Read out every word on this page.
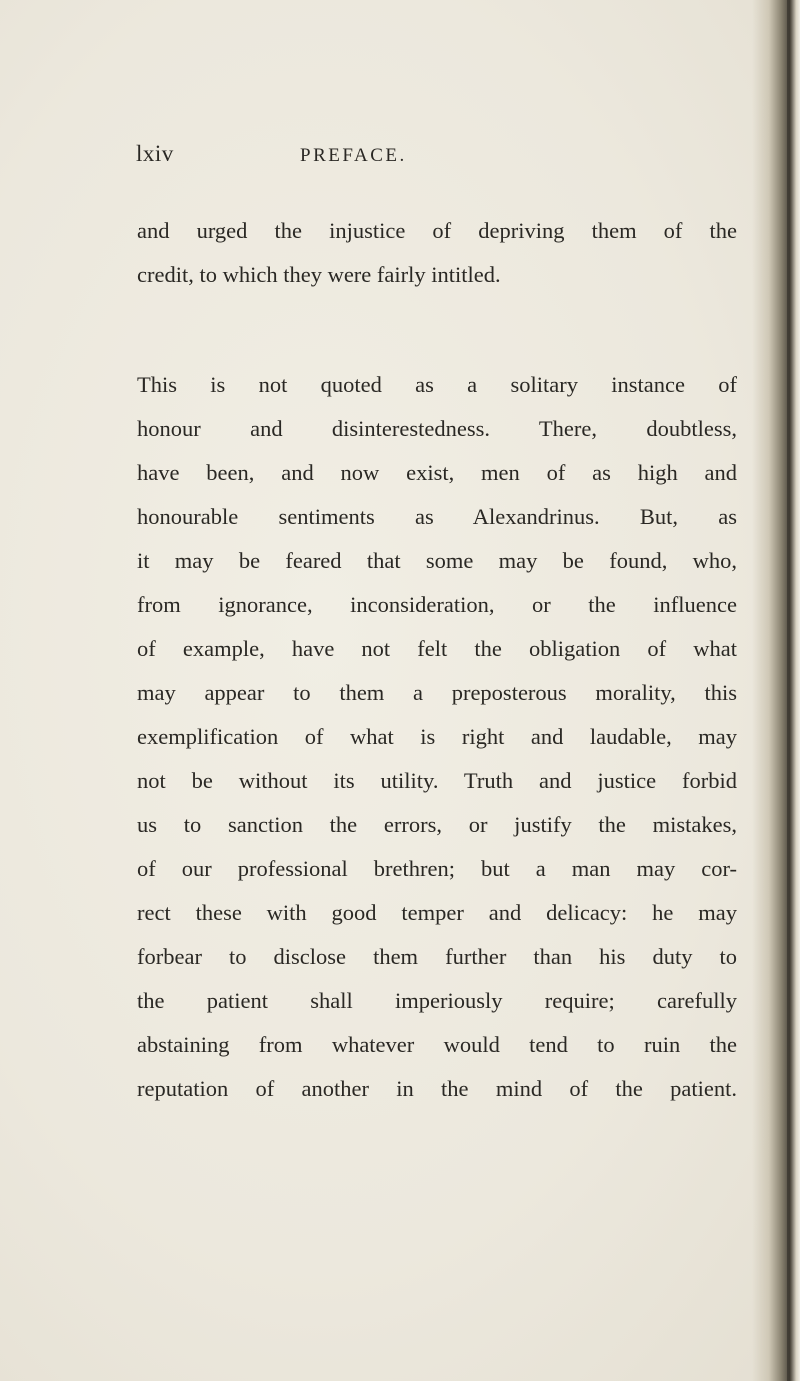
lxiv	PREFACE.

and urged the injustice of depriving them of the
credit, to which they were fairly intitled.
This is not quoted as a solitary instance of
honour and disinterestedness. There, doubtless,
have been, and now exist, men of as high and
honourable sentiments as Alexandrinus. But, as
it may be feared that some may be found, who,
from ignorance, inconsideration, or the influence
of example, have not felt the obligation of what
may appear to them a preposterous morality, this
exemplification of what is right and laudable, may
not be without its utility. Truth and justice forbid
us to sanction the errors, or justify the mistakes,
of our professional brethren; but a man may cor-
rect these with good temper and delicacy: he may
forbear to disclose them further than his duty to
the patient shall imperiously require; carefully
abstaining from whatever would tend to ruin the
reputation of another in the mind of the patient.
